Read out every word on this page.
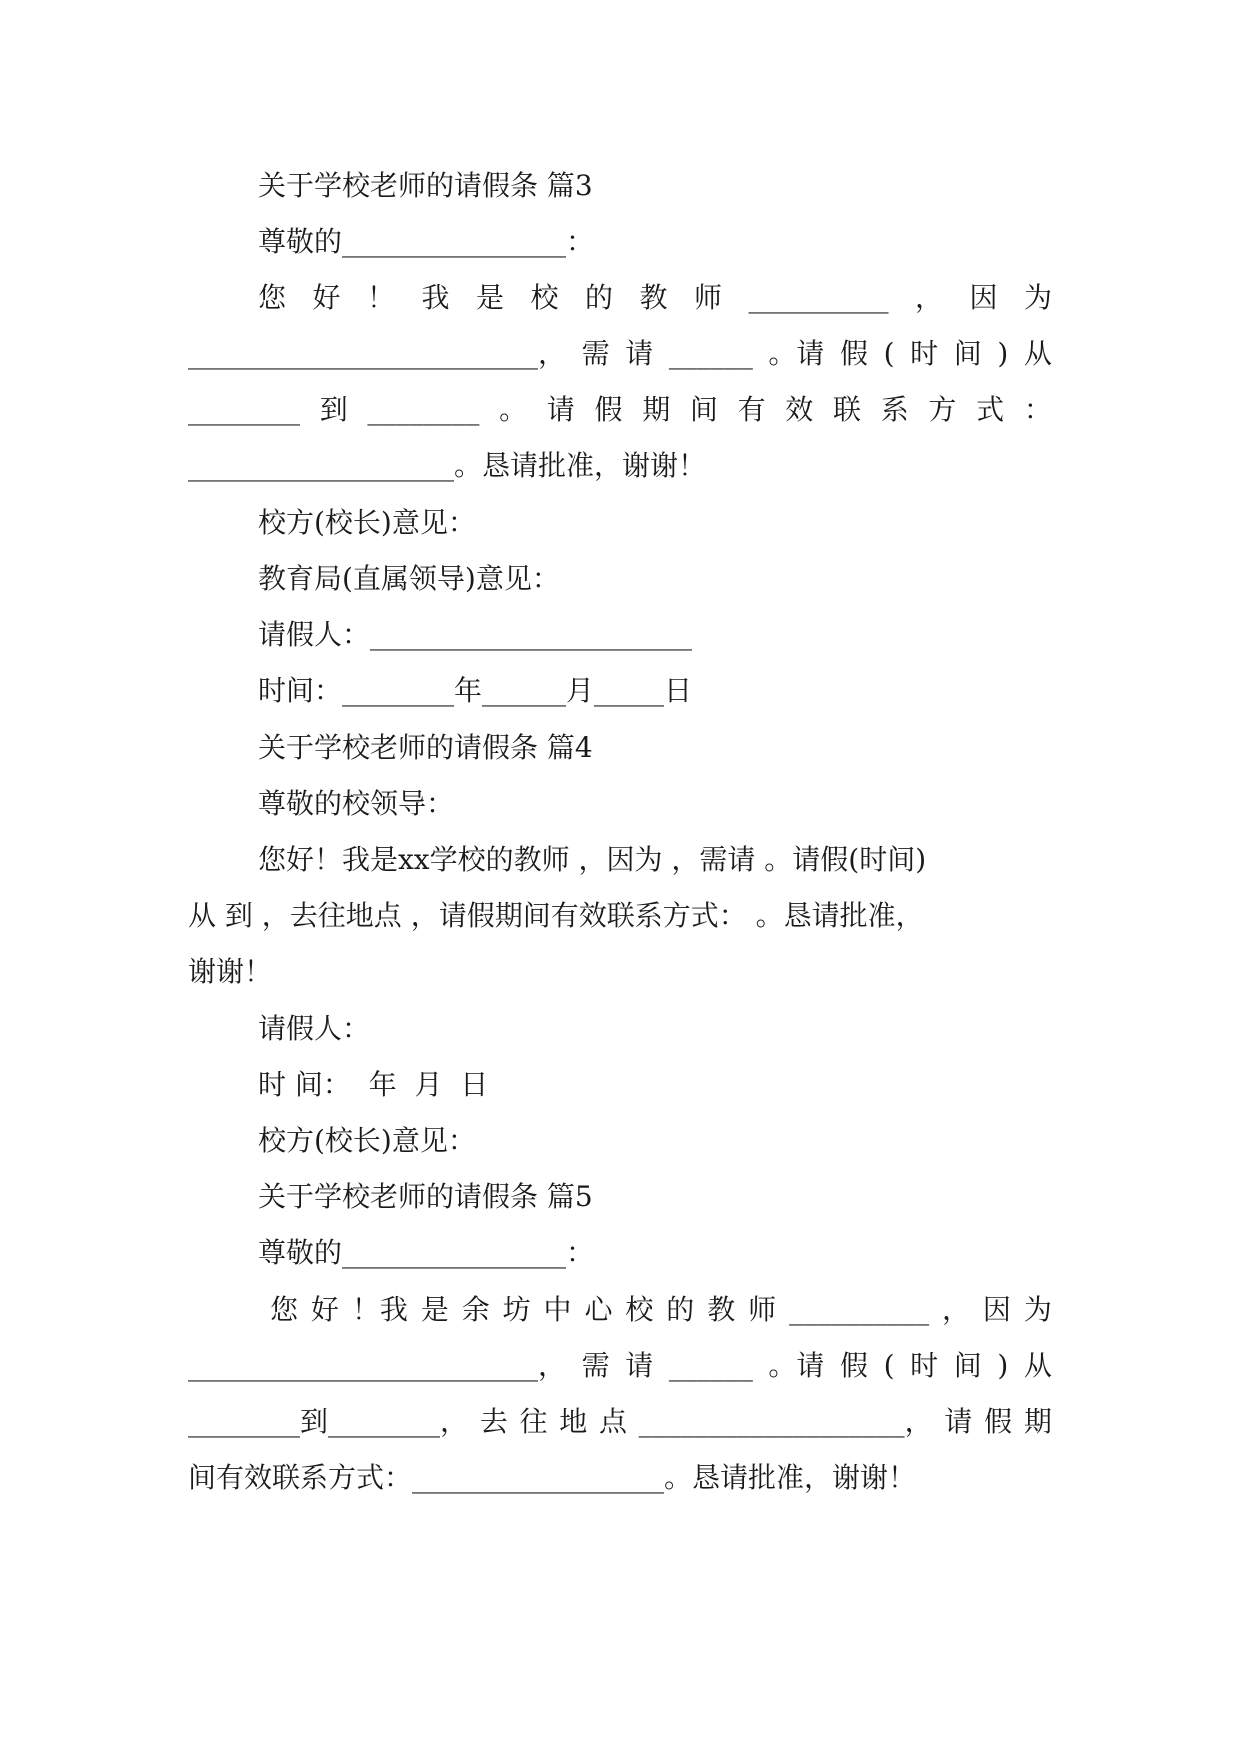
关于学校老师的请假条 篇3
尊敬的________________：
您 好 ！ 我 是 校 的 教 师 __________ ， 因 为
_________________________， 需 请 ______ 。请 假 ( 时 间 ) 从
________ 到 ________ 。 请 假 期 间 有 效 联 系 方 式 ：
___________________。恳请批准，谢谢！
校方(校长)意见：
教育局(直属领导)意见：
请假人：_______________________
时间：________年______月_____日
关于学校老师的请假条 篇4
尊敬的校领导：
您好！我是xx学校的教师 ，因为 ，需请 。请假(时间)
从 到 ，去往地点 ，请假期间有效联系方式： 。恳请批准，
谢谢！
请假人：
时 间：  年  月  日
校方(校长)意见：
关于学校老师的请假条 篇5
尊敬的________________：
您 好 ！我 是 余 坊 中 心 校 的 教 师 __________ ， 因 为
_________________________， 需 请 ______ 。请 假 ( 时 间 ) 从
________到________， 去 往 地 点 ___________________， 请 假 期
间有效联系方式：__________________。恳请批准，谢谢！
